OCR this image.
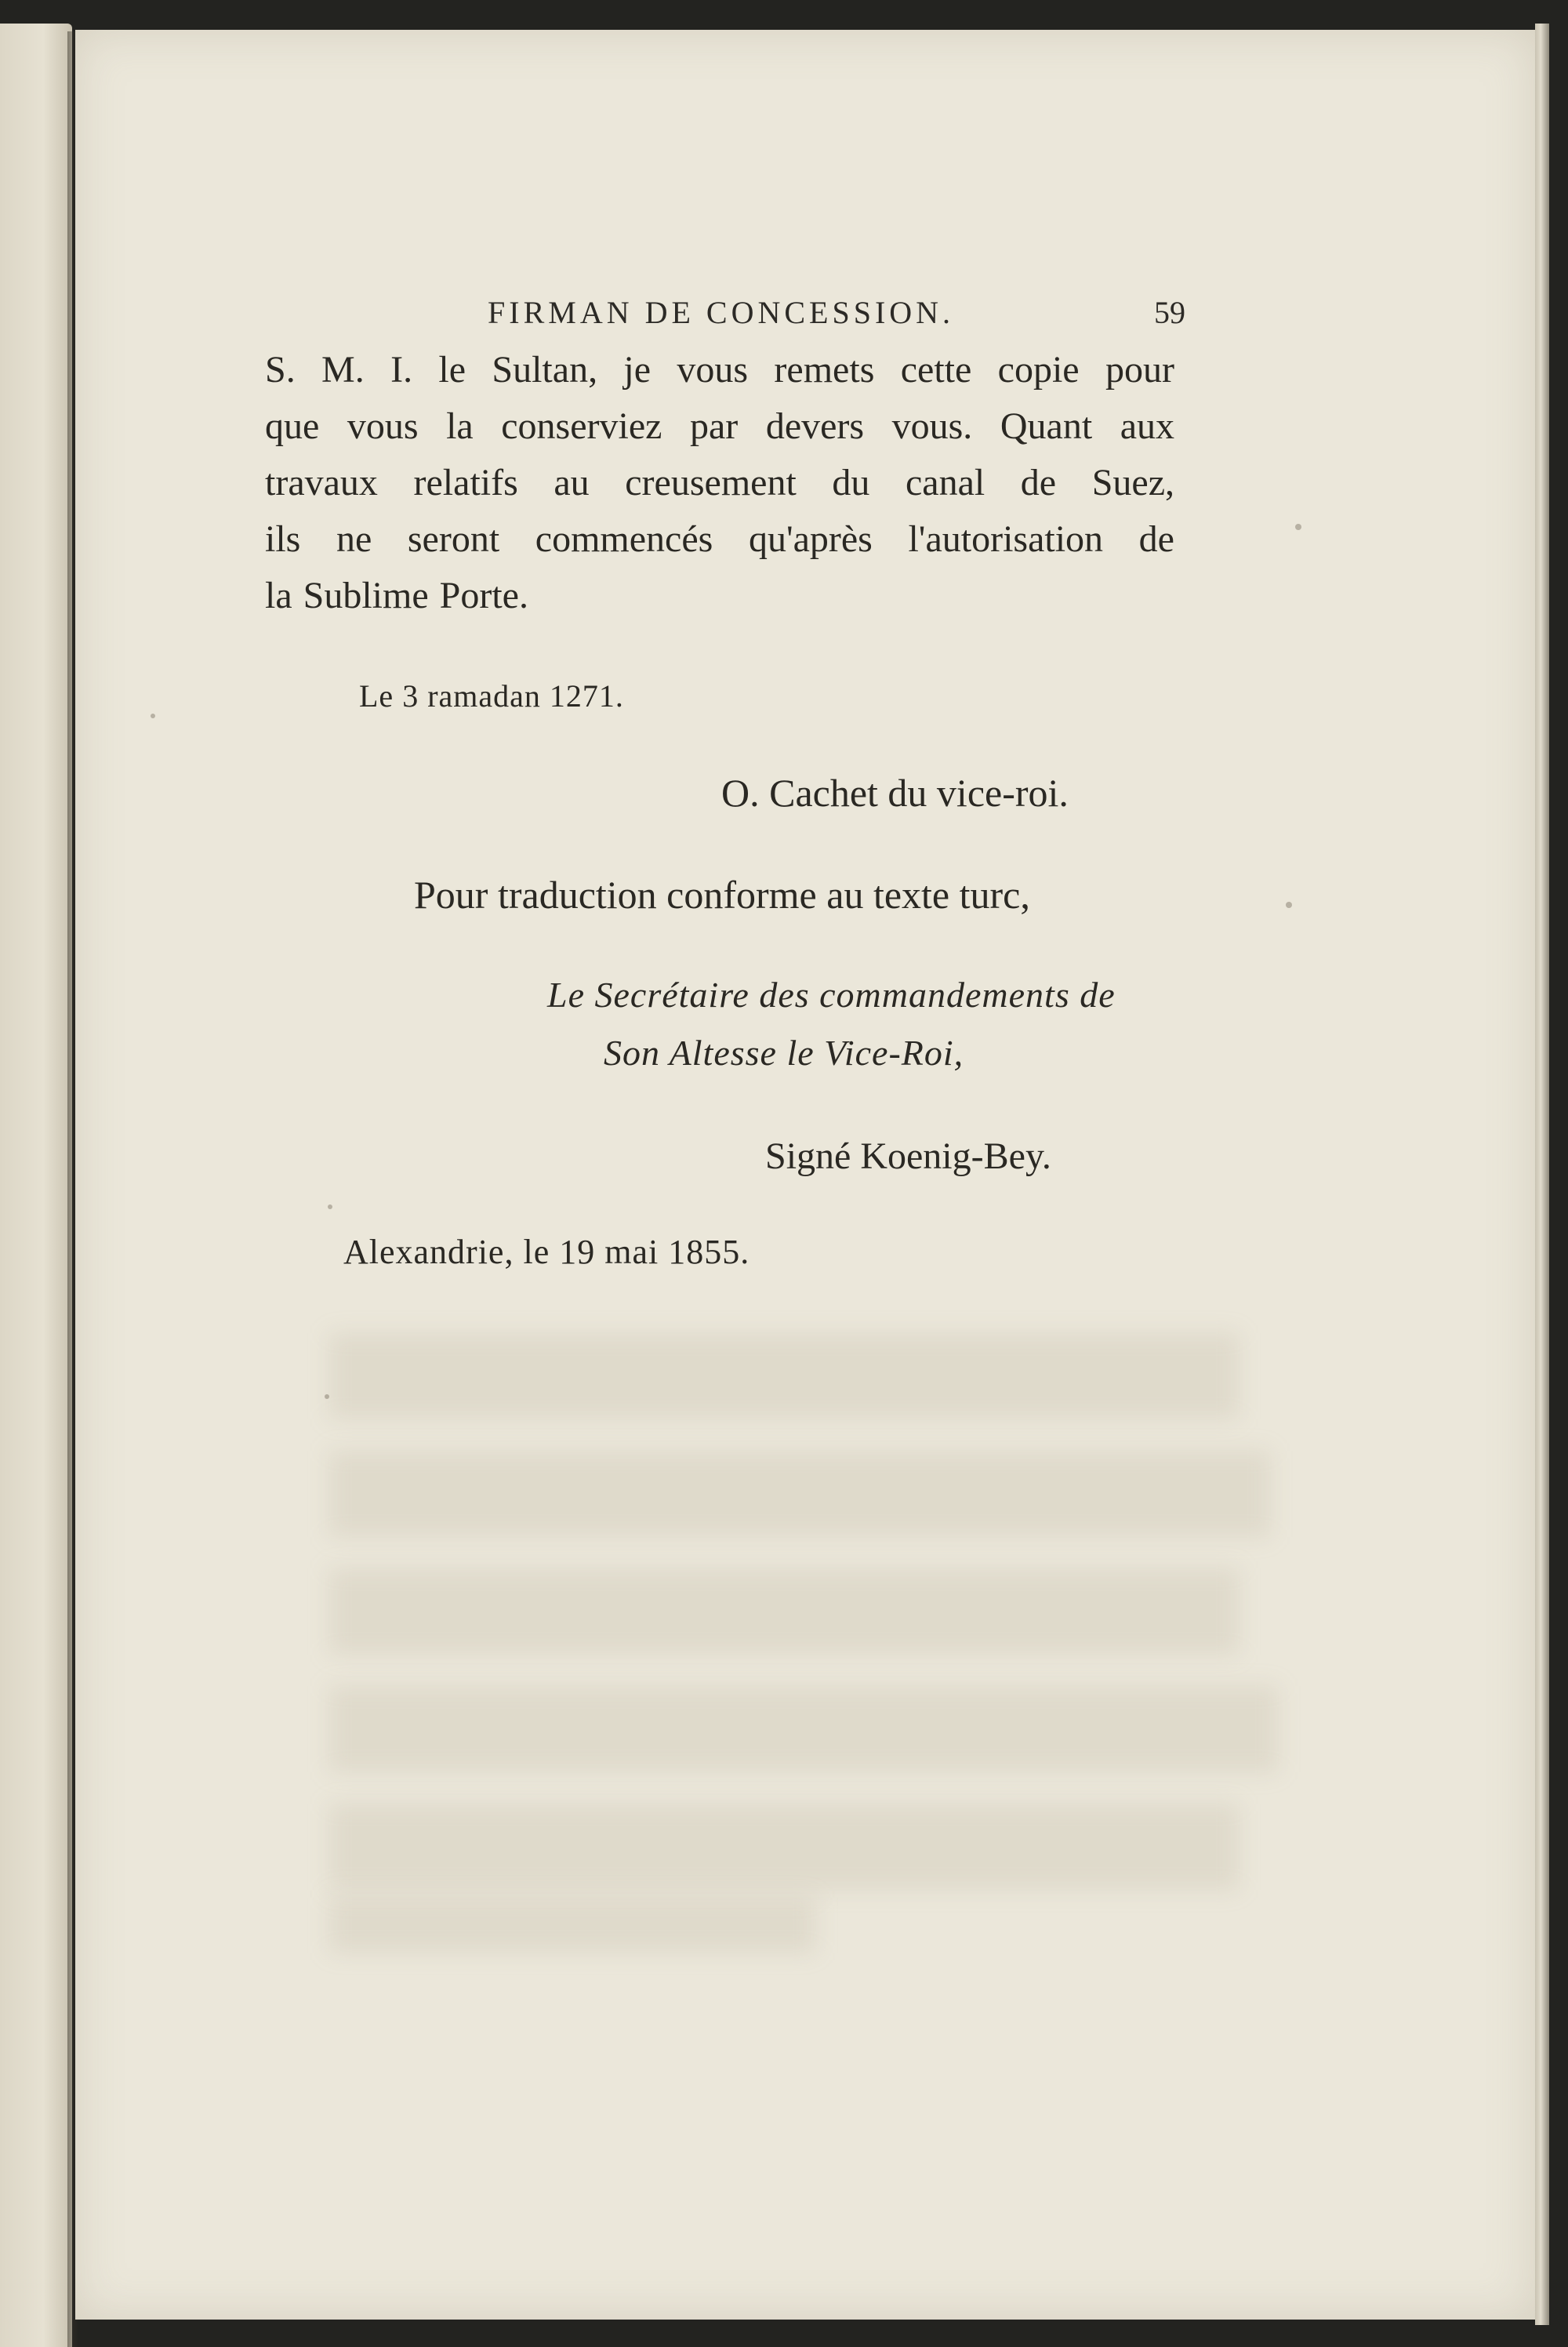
FIRMAN DE CONCESSION.	59
S. M. I. le Sultan, je vous remets cette copie pour
que vous la conserviez par devers vous. Quant aux
travaux relatifs au creusement du canal de Suez,
ils ne seront commencés qu'après l'autorisation de
la Sublime Porte.
Le 3 ramadan 1271.
O. Cachet du vice-roi.
Pour traduction conforme au texte turc,
Le Secrétaire des commandements de
Son Altesse le Vice-Roi,
Signé Koenig-Bey.
Alexandrie, le 19 mai 1855.
